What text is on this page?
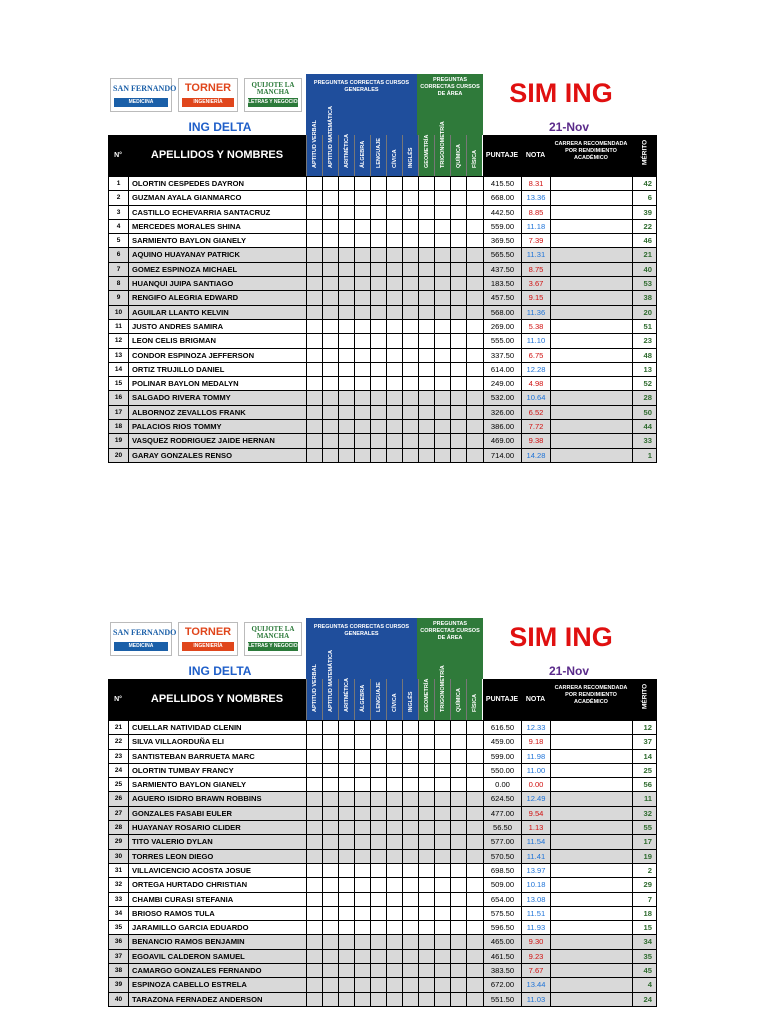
SAN FERNANDO
MEDICINA
TORNER
INGENIERÍA
QUIJOTE LA MANCHA
LETRAS Y NEGOCIOS
ING DELTA
PREGUNTAS CORRECTAS CURSOS GENERALES
PREGUNTAS CORRECTAS CURSOS DE ÁREA	SIM ING
21-Nov
N°	APELLIDOS Y NOMBRES	APTITUD VERBAL APTITUD MATEMÁTICA ARITMÉTICA ÁLGEBRA LENGUAJE CÍVICA INGLÉS GEOMETRÍA TRIGONOMETRÍA QUÍMICA FÍSICA	PUNTAJE	NOTA
CARRERA RECOMENDADA POR RENDIMIENTO ACADÉMICO	MÉRITO
1	OLORTIN CESPEDES DAYRON	415.50	8.31	42
2	GUZMAN AYALA GIANMARCO	668.00	13.36	6
3	CASTILLO ECHEVARRIA SANTACRUZ	442.50	8.85	39
4	MERCEDES MORALES SHINA	559.00	11.18	22
5	SARMIENTO BAYLON GIANELY	369.50	7.39	46
6	AQUINO HUAYANAY PATRICK	565.50	11.31	21
7	GOMEZ ESPINOZA MICHAEL	437.50	8.75	40
8	HUANQUI JUIPA SANTIAGO	183.50	3.67	53
9	RENGIFO ALEGRIA EDWARD	457.50	9.15	38
10	AGUILAR LLANTO KELVIN	568.00	11.36	20
11	JUSTO ANDRES SAMIRA	269.00	5.38	51
12	LEON CELIS BRIGMAN	555.00	11.10	23
13	CONDOR ESPINOZA JEFFERSON	337.50	6.75	48
14	ORTIZ TRUJILLO DANIEL	614.00	12.28	13
15	POLINAR BAYLON MEDALYN	249.00	4.98	52
16	SALGADO RIVERA TOMMY	532.00	10.64	28
17	ALBORNOZ ZEVALLOS FRANK	326.00	6.52	50
18	PALACIOS RIOS TOMMY	386.00	7.72	44
19	VASQUEZ RODRIGUEZ JAIDE HERNAN	469.00	9.38	33
20	GARAY GONZALES RENSO	714.00	14.28	1
SAN FERNANDO
MEDICINA
TORNER
INGENIERÍA
QUIJOTE LA MANCHA
LETRAS Y NEGOCIOS
ING DELTA
PREGUNTAS CORRECTAS CURSOS GENERALES
PREGUNTAS CORRECTAS CURSOS DE ÁREA	SIM ING
21-Nov
N°	APELLIDOS Y NOMBRES	APTITUD VERBAL APTITUD MATEMÁTICA ARITMÉTICA ÁLGEBRA LENGUAJE CÍVICA INGLÉS GEOMETRÍA TRIGONOMETRÍA QUÍMICA FÍSICA	PUNTAJE	NOTA
CARRERA RECOMENDADA POR RENDIMIENTO ACADÉMICO	MÉRITO
21	CUELLAR NATIVIDAD CLENIN	616.50	12.33	12
22	SILVA VILLAORDUÑA ELI	459.00	9.18	37
23	SANTISTEBAN BARRUETA MARC	599.00	11.98	14
24	OLORTIN TUMBAY FRANCY	550.00	11.00	25
25	SARMIENTO BAYLON GIANELY	0.00	0.00	56
26	AGUERO ISIDRO BRAWN ROBBINS	624.50	12.49	11
27	GONZALES FASABI EULER	477.00	9.54	32
28	HUAYANAY ROSARIO CLIDER	56.50	1.13	55
29	TITO VALERIO DYLAN	577.00	11.54	17
30	TORRES LEON DIEGO	570.50	11.41	19
31	VILLAVICENCIO ACOSTA JOSUE	698.50	13.97	2
32	ORTEGA HURTADO CHRISTIAN	509.00	10.18	29
33	CHAMBI CURASI STEFANIA	654.00	13.08	7
34	BRIOSO RAMOS TULA	575.50	11.51	18
35	JARAMILLO GARCIA EDUARDO	596.50	11.93	15
36	BENANCIO RAMOS BENJAMIN	465.00	9.30	34
37	EGOAVIL CALDERON SAMUEL	461.50	9.23	35
38	CAMARGO GONZALES FERNANDO	383.50	7.67	45
39	ESPINOZA CABELLO ESTRELA	672.00	13.44	4
40	TARAZONA FERNADEZ ANDERSON	551.50	11.03	24
